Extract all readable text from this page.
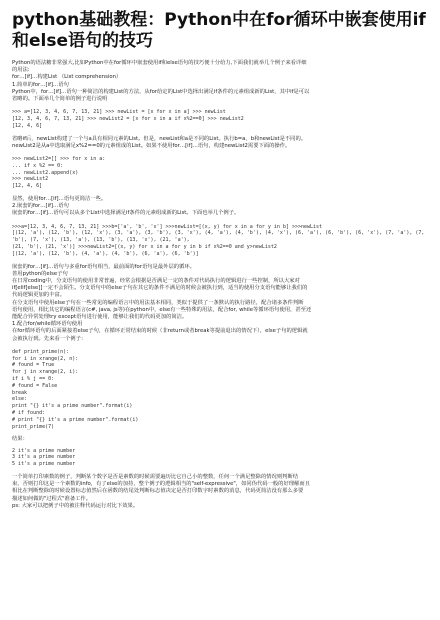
python基础教程：Python中在for循环中嵌套使用if和else语句的技巧

Python的语法糖非常强大,比如Python中在for循环中嵌套使用if和else语句的技巧便十分给力,下面我们就举几个例子来看详细

的用法:

for…[if]…构建List （List comprehension）

1.简单的for…[if]…语句

Python中，for…[if]…语句一种简洁的构建List的方法，从for给定的List中选择出满足if条件的元素组成新的List，其中if是可以

省略的。下面举几个简单的例子进行说明

>>> a=[12, 3, 4, 6, 7, 13, 21] >>> newList = [x for x in a] >>> newList

[12, 3, 4, 6, 7, 13, 21] >>> newList2 = [x for x in a if x%2==0] >>> newList2

[12, 4, 6]

省略if后，newList构建了一个与a具有相同元素的List。但是，newList和a是不同的List。执行b=a，b和newList是不同的。

newList2是从a中选取满足x%2==0的元素组成的List。如果不使用for…[if]…语句，构建newList2需要下面的操作。

>>> newList2=[] >>> for x in a:

... if x %2 == 0:

... newList2.append(x)

>>> newList2

[12, 4, 6]

显然，使用for…[if]…语句更简洁一些。

2.嵌套的for…[if]…语句

嵌套的for…[if]…语句可以从多个List中选择满足if条件的元素组成新的List。下面也举几个例子。

>>>a=[12, 3, 4, 6, 7, 13, 21] >>>b=['a', 'b', 'x'] >>>newList=[(x, y) for x in a for y in b] >>>newList

[(12, 'a'), (12, 'b'), (12, 'x'), (3, 'a'), (3, 'b'), (3, 'x'), (4, 'a'), (4, 'b'), (4, 'x'), (6, 'a'), (6, 'b'), (6, 'x'), (7, 'a'), (7, 'b'), (7, 'x'), (13, 'a'), (13, 'b'), (13, 'x'), (21, 'a'),

(21, 'b'), (21, 'x')] >>>newList2=[(x, y) for x in a for y in b if x%2==0 and y>newList2

[(12, 'a'), (12, 'b'), (4, 'a'), (4, 'b'), (6, 'a'), (6, 'b')]

嵌套的for…[if]…语句与多重for语句相当，最前面的for语句是最外层的循环。

善用python的else子句

在日常coding中，分支语句的使用非常普遍，经常会根据是否满足一定的条件对代码执行的逻辑进行一些控制，所以大家对

if[elif[else]]一定不会陌生。分支语句中的else子句在其它的条件不满足的时候会被执行到，适当的使用分支语句能够让我们的

代码逻辑更加的丰富。

在分支语句中使用else子句在一些常见的编程语言中的用法基本相同，类似于提供了一条默认的执行路径，配合诸多条件判断

语句使用，相比其它的编程语言(c#, java, js等)在python中，else有一些特殊的用法，配合for, while等循环语句使用，甚至还

能配合异常处理try except语句进行使用，能够让我们的代码更加的简洁。

1.配合for/while循环语句使用

在for循环语句的后面紧接着else子句，在循环正常结束的时候（非return或者break等提前退出的情况下），else子句的逻辑就

会被执行到。先来看一个例子：

def print_prime(n):

for i in xrange(2, n):

# found = True

for j in xrange(2, i):

if i % j == 0:

# found = False

break

else:

print "{} it's a prime number".format(i)

# if found:

# print "{} it's a prime number".format(i)

print_prime(7)

结果：

2 it's a prime number

3 it's a prime number

5 it's a prime number

一个简单打印素数的例子，判断某个数字是否是素数的时候需要遍历比它自己小的整数，任何一个满足整除的情况则判断结

束，否则打印这是一个素数的info，有了else的加持，整个例子的逻辑相当的"self-expressive"，如同伪代码一般的好理解而且

相比在判断整除的时候设置标志值然后在函数的结尾处判断标志值决定是否打印数字时素数的消息，代码更简洁没有那么多要

描述如何做的"过程式"准备工作。

ps: 大家可以把例子中的被注释代码运行对比下效果。
